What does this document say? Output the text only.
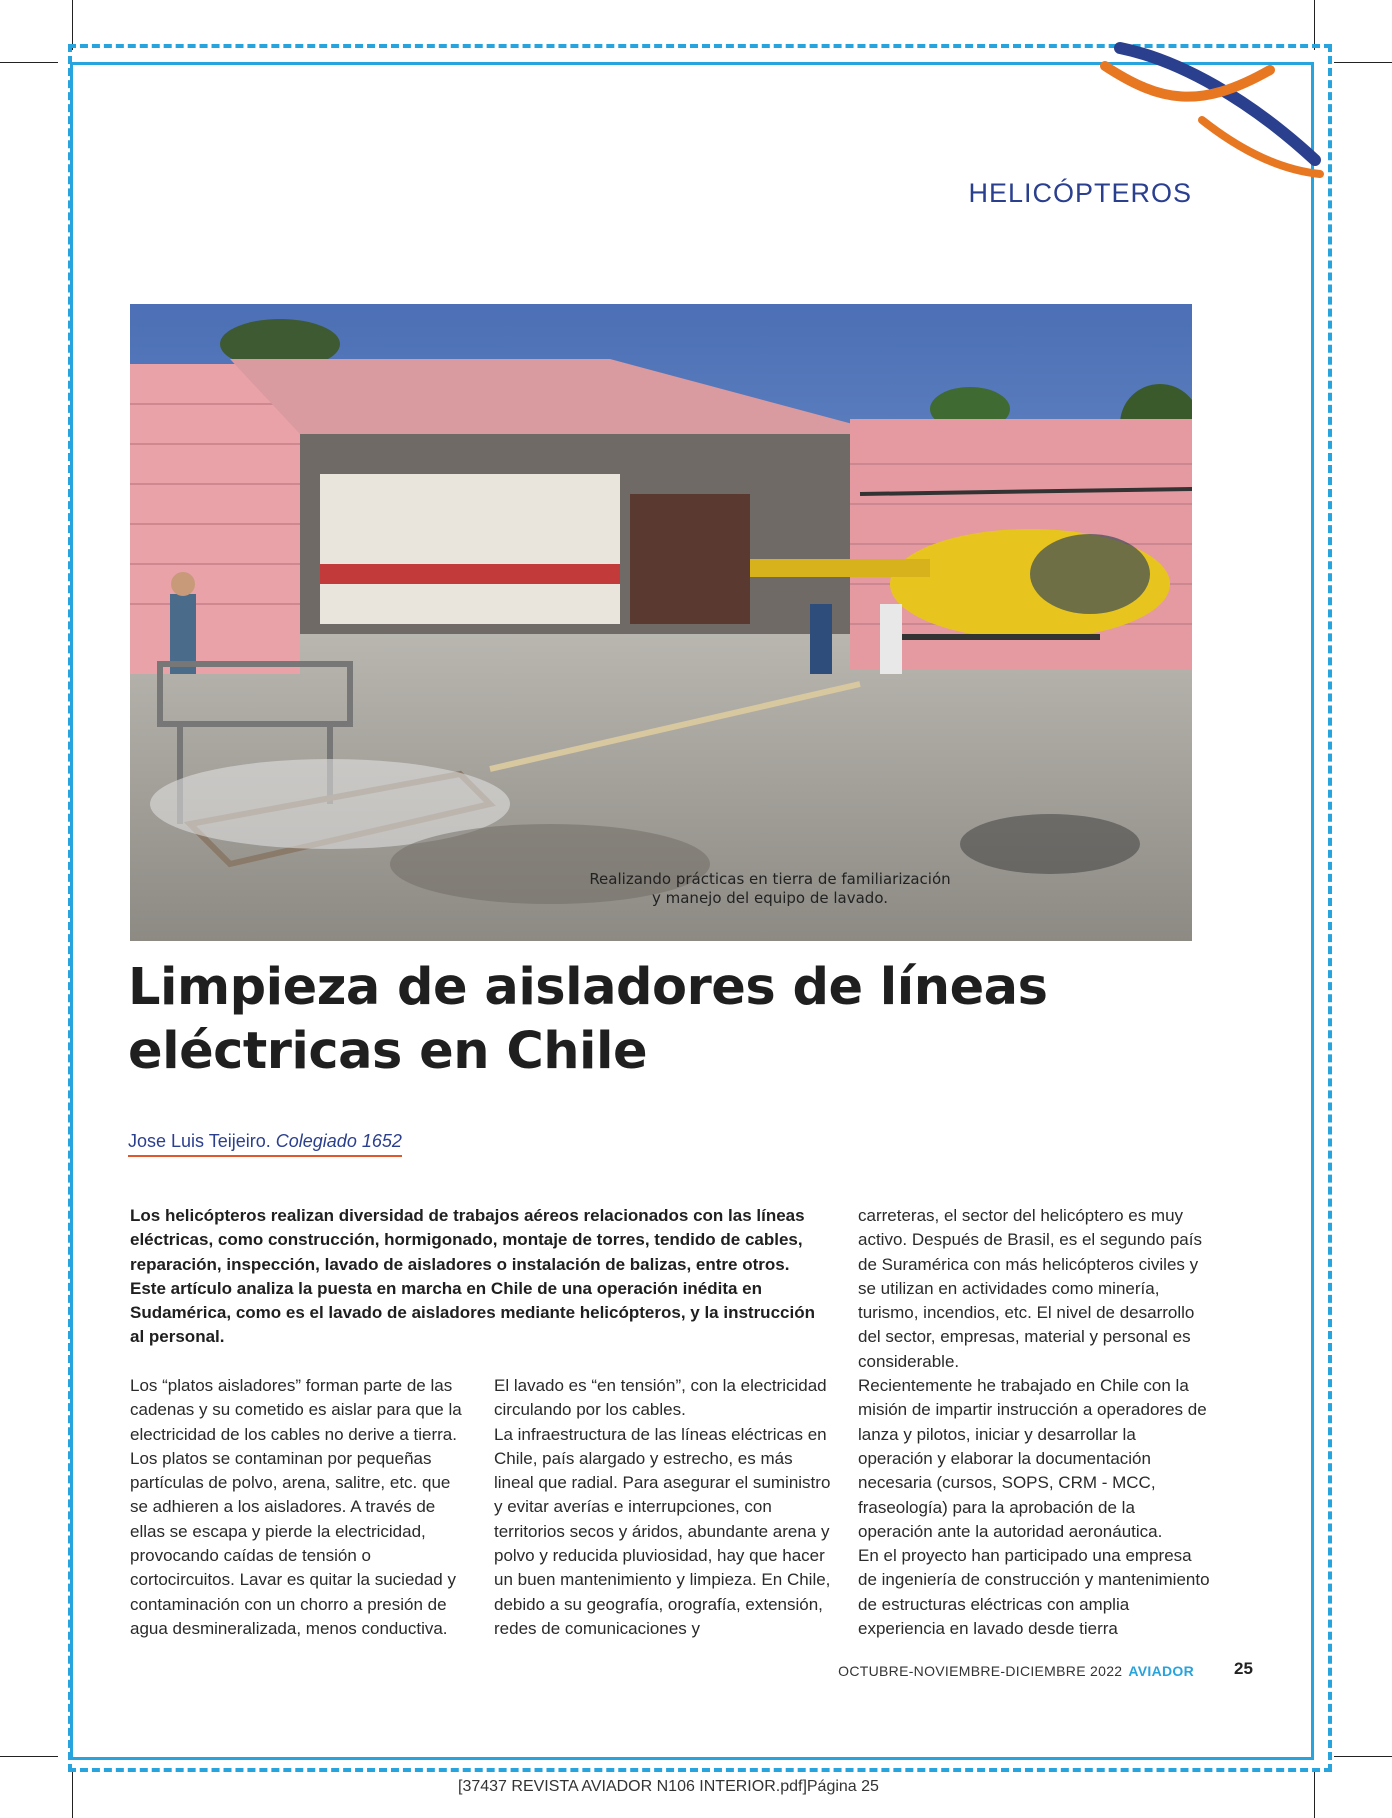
HELICÓPTEROS
Realizando prácticas en tierra de familiarización
y manejo del equipo de lavado.
Limpieza de aisladores de líneas
eléctricas en Chile
Jose Luis Teijeiro. Colegiado 1652
Los helicópteros realizan diversidad de trabajos aéreos relacionados con las líneas eléctricas, como construcción, hormigonado, montaje de torres, tendido de cables, reparación, inspección, lavado de aisladores o instalación de balizas, entre otros. Este artículo analiza la puesta en marcha en Chile de una operación inédita en Sudamérica, como es el lavado de aisladores mediante helicópteros, y la instrucción al personal.

Los “platos aisladores” forman parte de las cadenas y su cometido es aislar para que la electricidad de los cables no derive a tierra. Los platos se contaminan por pequeñas partículas de polvo, arena, salitre, etc. que se adhieren a los aisladores. A través de ellas se escapa y pierde la electricidad, provocando caídas de tensión o cortocircuitos. Lavar es quitar la suciedad y contaminación con un chorro a presión de agua desmineralizada, menos conductiva.

El lavado es “en tensión”, con la electricidad circulando por los cables.

La infraestructura de las líneas eléctricas en Chile, país alargado y estrecho, es más lineal que radial. Para asegurar el suministro y evitar averías e interrupciones, con territorios secos y áridos, abundante arena y polvo y reducida pluviosidad, hay que hacer un buen mantenimiento y limpieza. En Chile, debido a su geografía, orografía, extensión, redes de comunicaciones y

carreteras, el sector del helicóptero es muy activo. Después de Brasil, es el segundo país de Suramérica con más helicópteros civiles y se utilizan en actividades como minería, turismo, incendios, etc. El nivel de desarrollo del sector, empresas, material y personal es considerable.

Recientemente he trabajado en Chile con la misión de impartir instrucción a operadores de lanza y pilotos, iniciar y desarrollar la operación y elaborar la documentación necesaria (cursos, SOPS, CRM - MCC, fraseología) para la aprobación de la operación ante la autoridad aeronáutica.

En el proyecto han participado una empresa de ingeniería de construcción y mantenimiento de estructuras eléctricas con amplia experiencia en lavado desde tierra

OCTUBRE-NOVIEMBRE-DICIEMBRE 2022 AVIADOR 25
[37437 REVISTA AVIADOR N106 INTERIOR.pdf]Página 25
